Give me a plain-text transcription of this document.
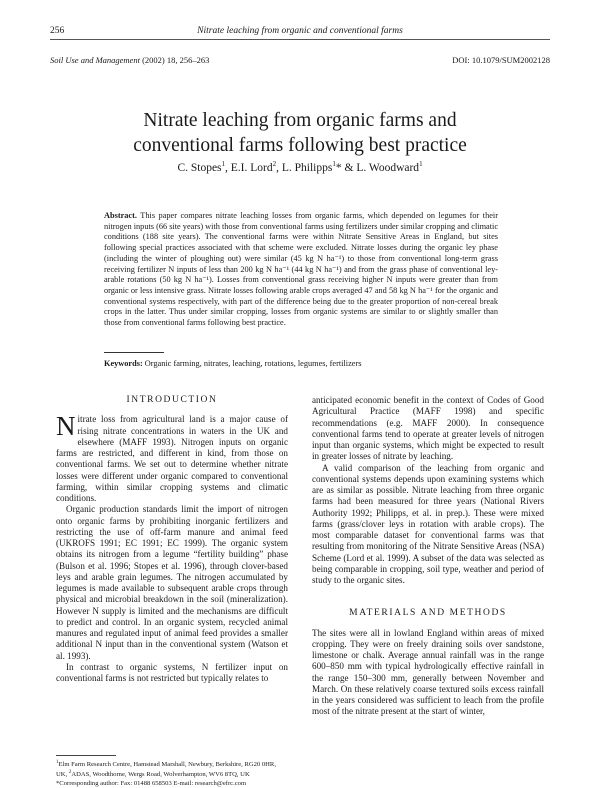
256	Nitrate leaching from organic and conventional farms
Soil Use and Management (2002) 18, 256–263	DOI: 10.1079/SUM2002128
Nitrate leaching from organic farms and
conventional farms following best practice
C. Stopes$^1$, E.I. Lord$^2$, L. Philipps$^1$* & L. Woodward$^1$
Abstract. This paper compares nitrate leaching losses from organic farms, which depended on legumes for their nitrogen inputs (66 site years) with those from conventional farms using fertilizers under similar cropping and climatic conditions (188 site years). The conventional farms were within Nitrate Sensitive Areas in England, but sites following special practices associated with that scheme were excluded. Nitrate losses during the organic ley phase (including the winter of ploughing out) were similar (45 kg N ha⁻¹) to those from conventional long-term grass receiving fertilizer N inputs of less than 200 kg N ha⁻¹ (44 kg N ha⁻¹) and from the grass phase of conventional ley-arable rotations (50 kg N ha⁻¹). Losses from conventional grass receiving higher N inputs were greater than from organic or less intensive grass. Nitrate losses following arable crops averaged 47 and 58 kg N ha⁻¹ for the organic and conventional systems respectively, with part of the difference being due to the greater proportion of non-cereal break crops in the latter. Thus under similar cropping, losses from organic systems are similar to or slightly smaller than those from conventional farms following best practice.
Keywords: Organic farming, nitrates, leaching, rotations, legumes, fertilizers
INTRODUCTION

Nitrate loss from agricultural land is a major cause of rising nitrate concentrations in waters in the UK and elsewhere (MAFF 1993). Nitrogen inputs on organic farms are restricted, and different in kind, from those on conventional farms. We set out to determine whether nitrate losses were different under organic compared to conventional farming, within similar cropping systems and climatic conditions.

Organic production standards limit the import of nitrogen onto organic farms by prohibiting inorganic fertilizers and restricting the use of off-farm manure and animal feed (UKROFS 1991; EC 1991; EC 1999). The organic system obtains its nitrogen from a legume “fertility building” phase (Bulson et al. 1996; Stopes et al. 1996), through clover-based leys and arable grain legumes. The nitrogen accumulated by legumes is made available to subsequent arable crops through physical and microbial breakdown in the soil (mineralization). However N supply is limited and the mechanisms are difficult to predict and control. In an organic system, recycled animal manures and regulated input of animal feed provides a smaller additional N input than in the conventional system (Watson et al. 1993).

In contrast to organic systems, N fertilizer input on conventional farms is not restricted but typically relates to

anticipated economic benefit in the context of Codes of Good Agricultural Practice (MAFF 1998) and specific recommendations (e.g. MAFF 2000). In consequence conventional farms tend to operate at greater levels of nitrogen input than organic systems, which might be expected to result in greater losses of nitrate by leaching.

A valid comparison of the leaching from organic and conventional systems depends upon examining systems which are as similar as possible. Nitrate leaching from three organic farms had been measured for three years (National Rivers Authority 1992; Philipps, et al. in prep.). These were mixed farms (grass/clover leys in rotation with arable crops). The most comparable dataset for conventional farms was that resulting from monitoring of the Nitrate Sensitive Areas (NSA) Scheme (Lord et al. 1999). A subset of the data was selected as being comparable in cropping, soil type, weather and period of study to the organic sites.

MATERIALS AND METHODS

The sites were all in lowland England within areas of mixed cropping. They were on freely draining soils over sandstone, limestone or chalk. Average annual rainfall was in the range 600–850 mm with typical hydrologically effective rainfall in the range 150–300 mm, generally between November and March. On these relatively coarse textured soils excess rainfall in the years considered was sufficient to leach from the profile most of the nitrate present at the start of winter,

$^1$Elm Farm Research Centre, Hamstead Marshall, Newbury, Berkshire, RG20 0HR, UK, $^2$ADAS, Woodthorne, Wergs Road, Wolverhampton, WV6 8TQ, UK
*Corresponding author: Fax: 01488 658503 E-mail: research@efrc.com
